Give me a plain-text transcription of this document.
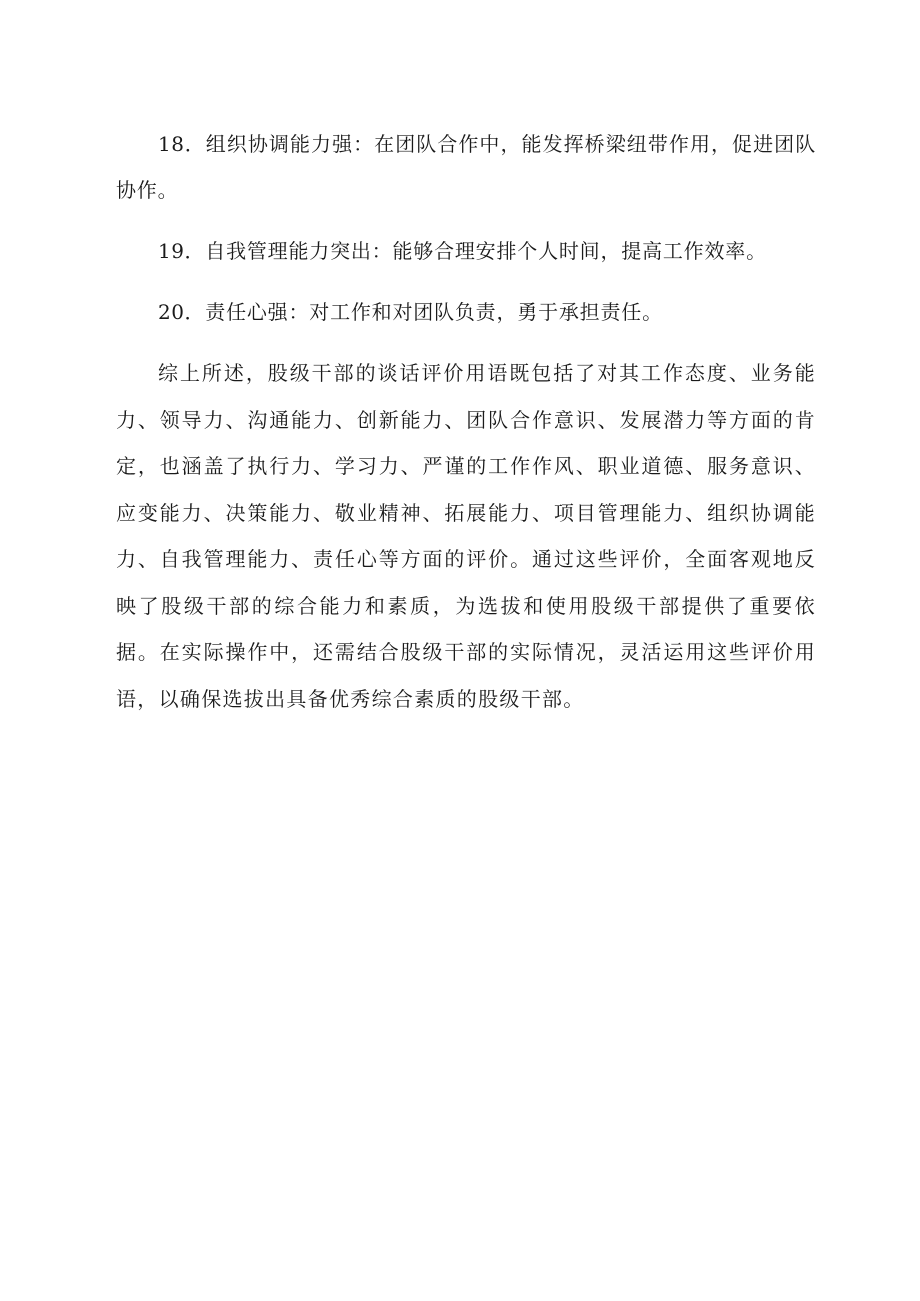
18．组织协调能力强：在团队合作中，能发挥桥梁纽带作用，促进团队协作。

19．自我管理能力突出：能够合理安排个人时间，提高工作效率。

20．责任心强：对工作和对团队负责，勇于承担责任。

综上所述，股级干部的谈话评价用语既包括了对其工作态度、业务能力、领导力、沟通能力、创新能力、团队合作意识、发展潜力等方面的肯定，也涵盖了执行力、学习力、严谨的工作作风、职业道德、服务意识、应变能力、决策能力、敬业精神、拓展能力、项目管理能力、组织协调能力、自我管理能力、责任心等方面的评价。通过这些评价，全面客观地反映了股级干部的综合能力和素质，为选拔和使用股级干部提供了重要依据。在实际操作中，还需结合股级干部的实际情况，灵活运用这些评价用语，以确保选拔出具备优秀综合素质的股级干部。
